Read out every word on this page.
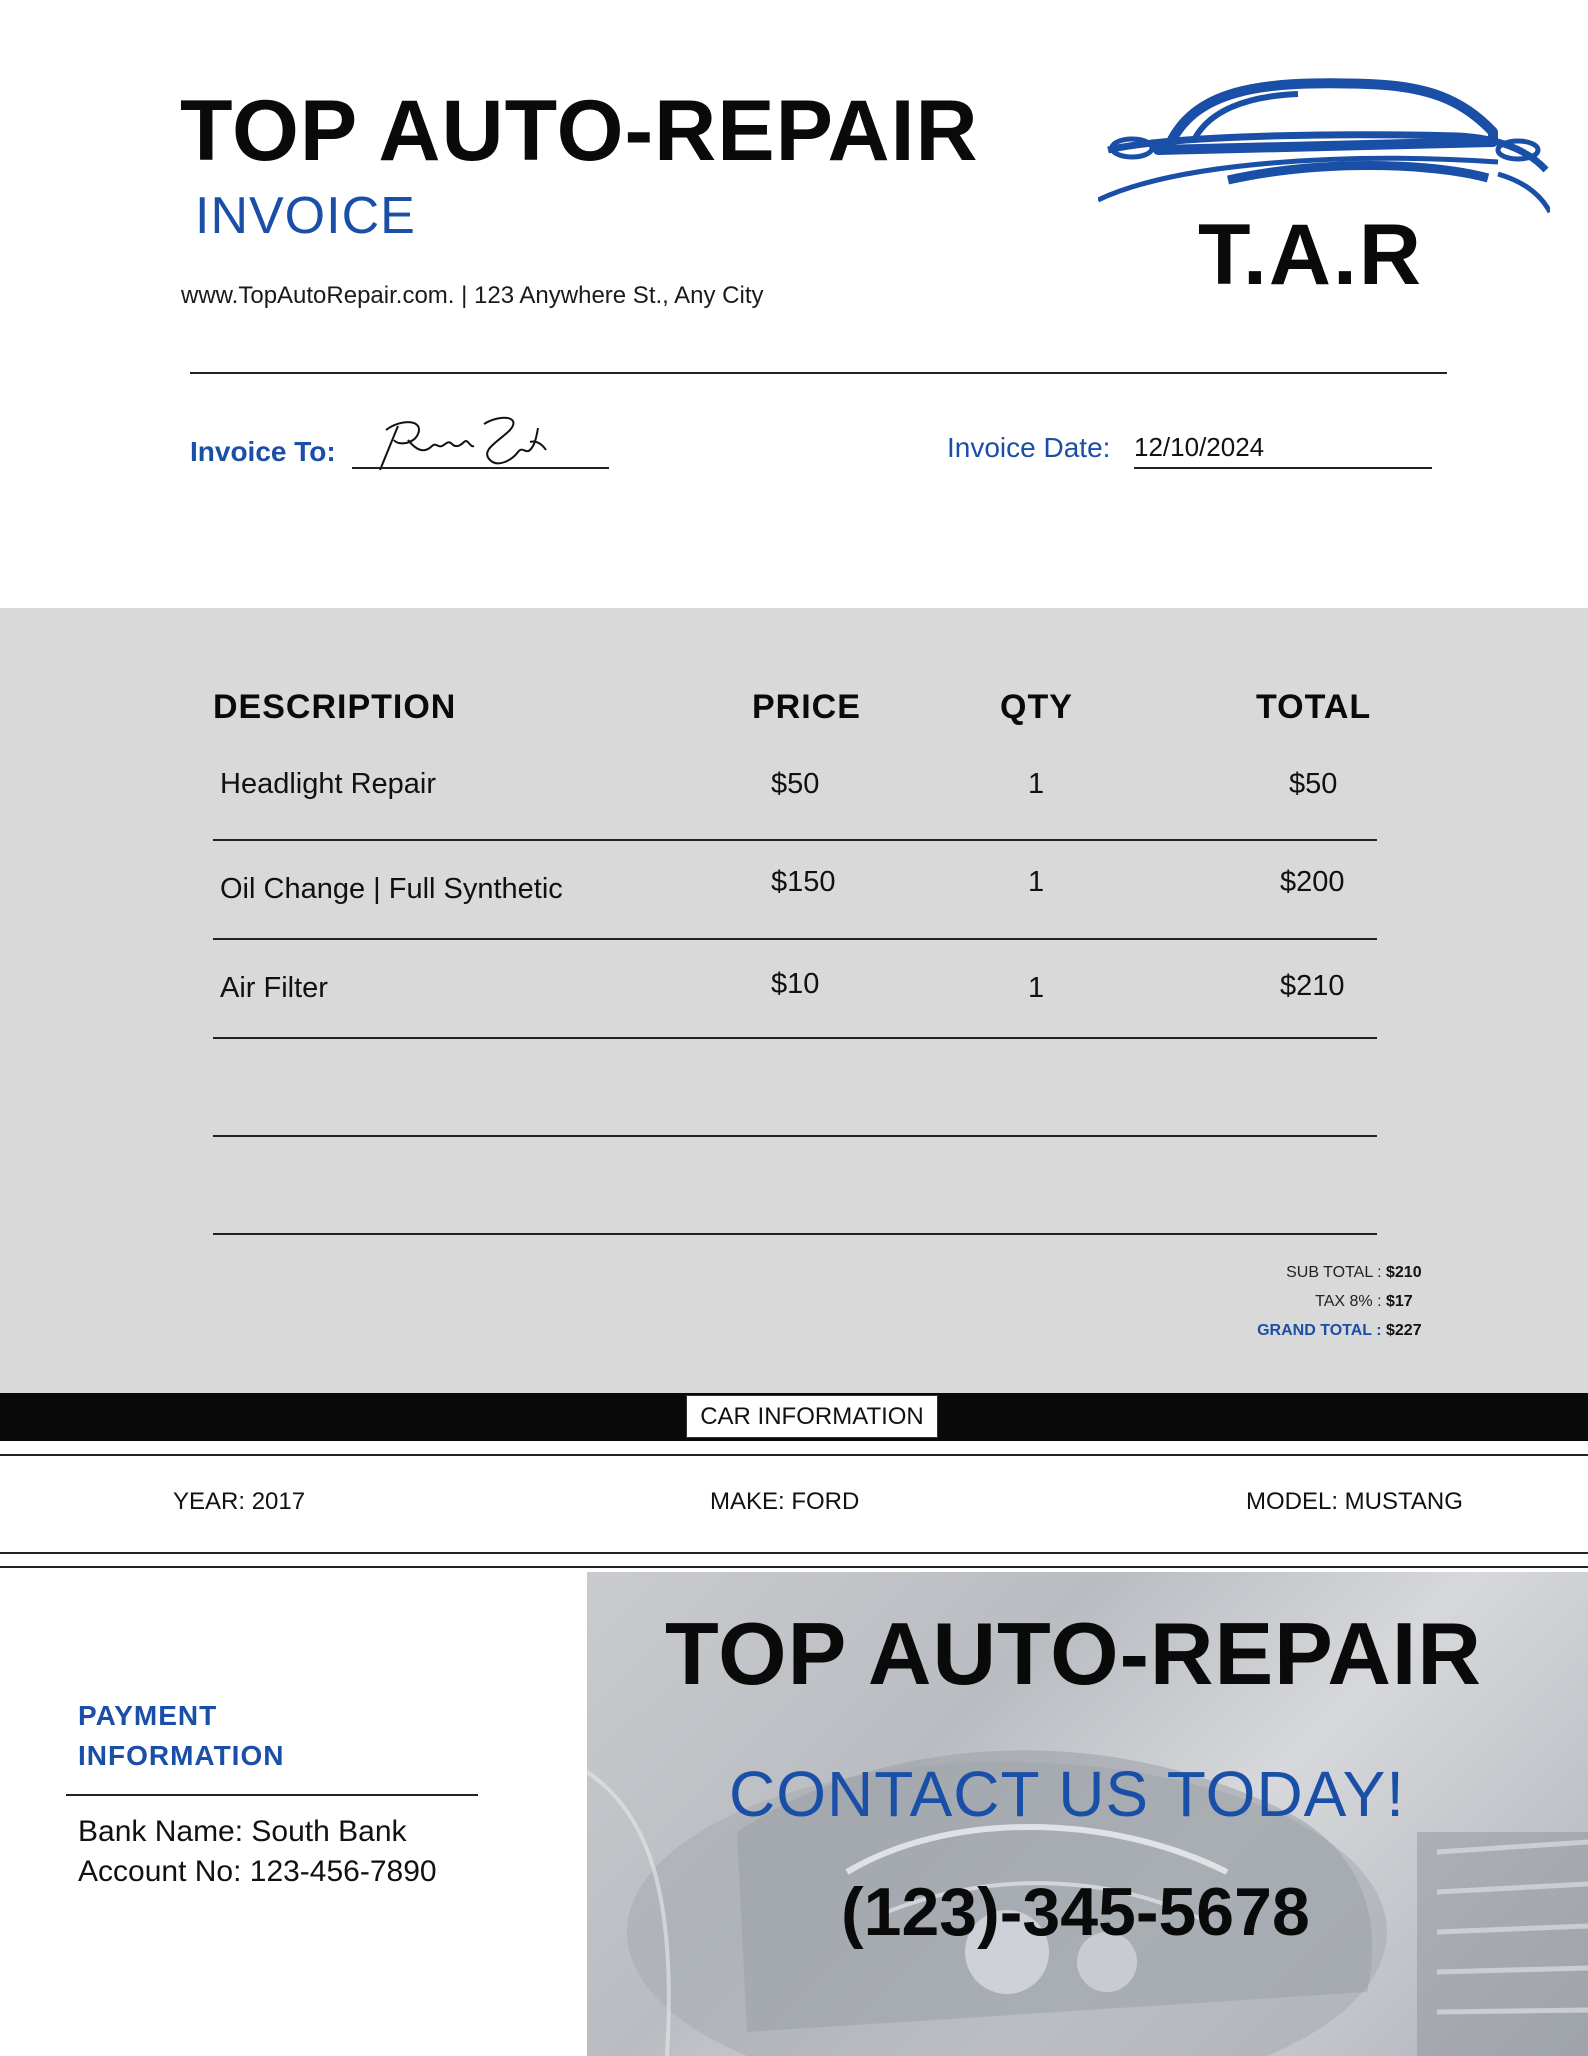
TOP AUTO-REPAIR
INVOICE
www.TopAutoRepair.com. | 123 Anywhere St., Any City	T.A.R
Invoice To:	Invoice Date: 12/10/2024
DESCRIPTION	PRICE	QTY	TOTAL
Headlight Repair	$50	1	$50
Oil Change | Full Synthetic	$150	1	$200
Air Filter	$10	1	$210
SUB TOTAL : $210
TAX 8% : $17
GRAND TOTAL : $227
CAR INFORMATION
YEAR: 2017	MAKE: FORD	MODEL: MUSTANG
PAYMENT
INFORMATION
Bank Name: South Bank
Account No: 123-456-7890
TOP AUTO-REPAIR
CONTACT US TODAY!
(123)-345-5678
